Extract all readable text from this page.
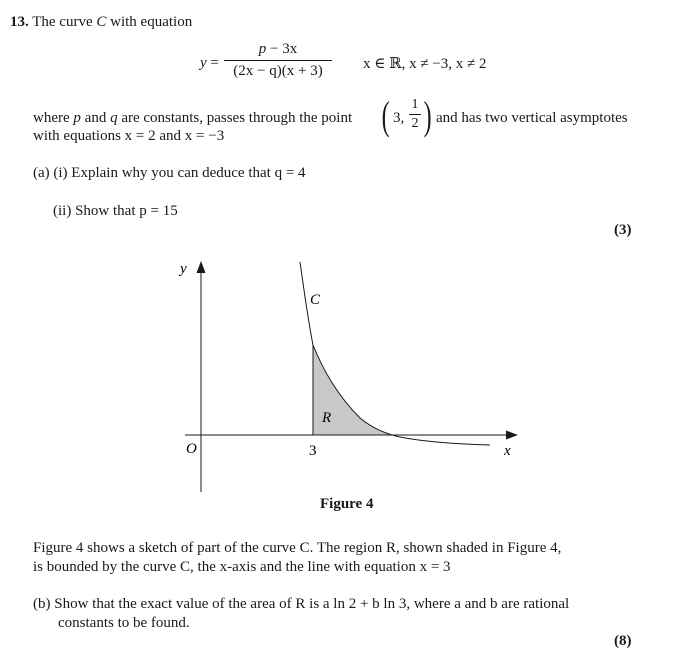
13. The curve C with equation
y =
p − 3x
(2x − q)(x + 3)	x ∈ ℝ, x ≠ −3, x ≠ 2
where p and q are constants, passes through the point ( 3,
1
2 ) and has two vertical asymptotes
with equations x = 2 and x = −3
(a) (i) Explain why you can deduce that q = 4
(ii) Show that p = 15
(3)
y
x
O	3
C
R
Figure 4
Figure 4 shows a sketch of part of the curve C. The region R, shown shaded in Figure 4,
is bounded by the curve C, the x-axis and the line with equation x = 3
(b) Show that the exact value of the area of R is a ln 2 + b ln 3, where a and b are rational
constants to be found.
(8)
